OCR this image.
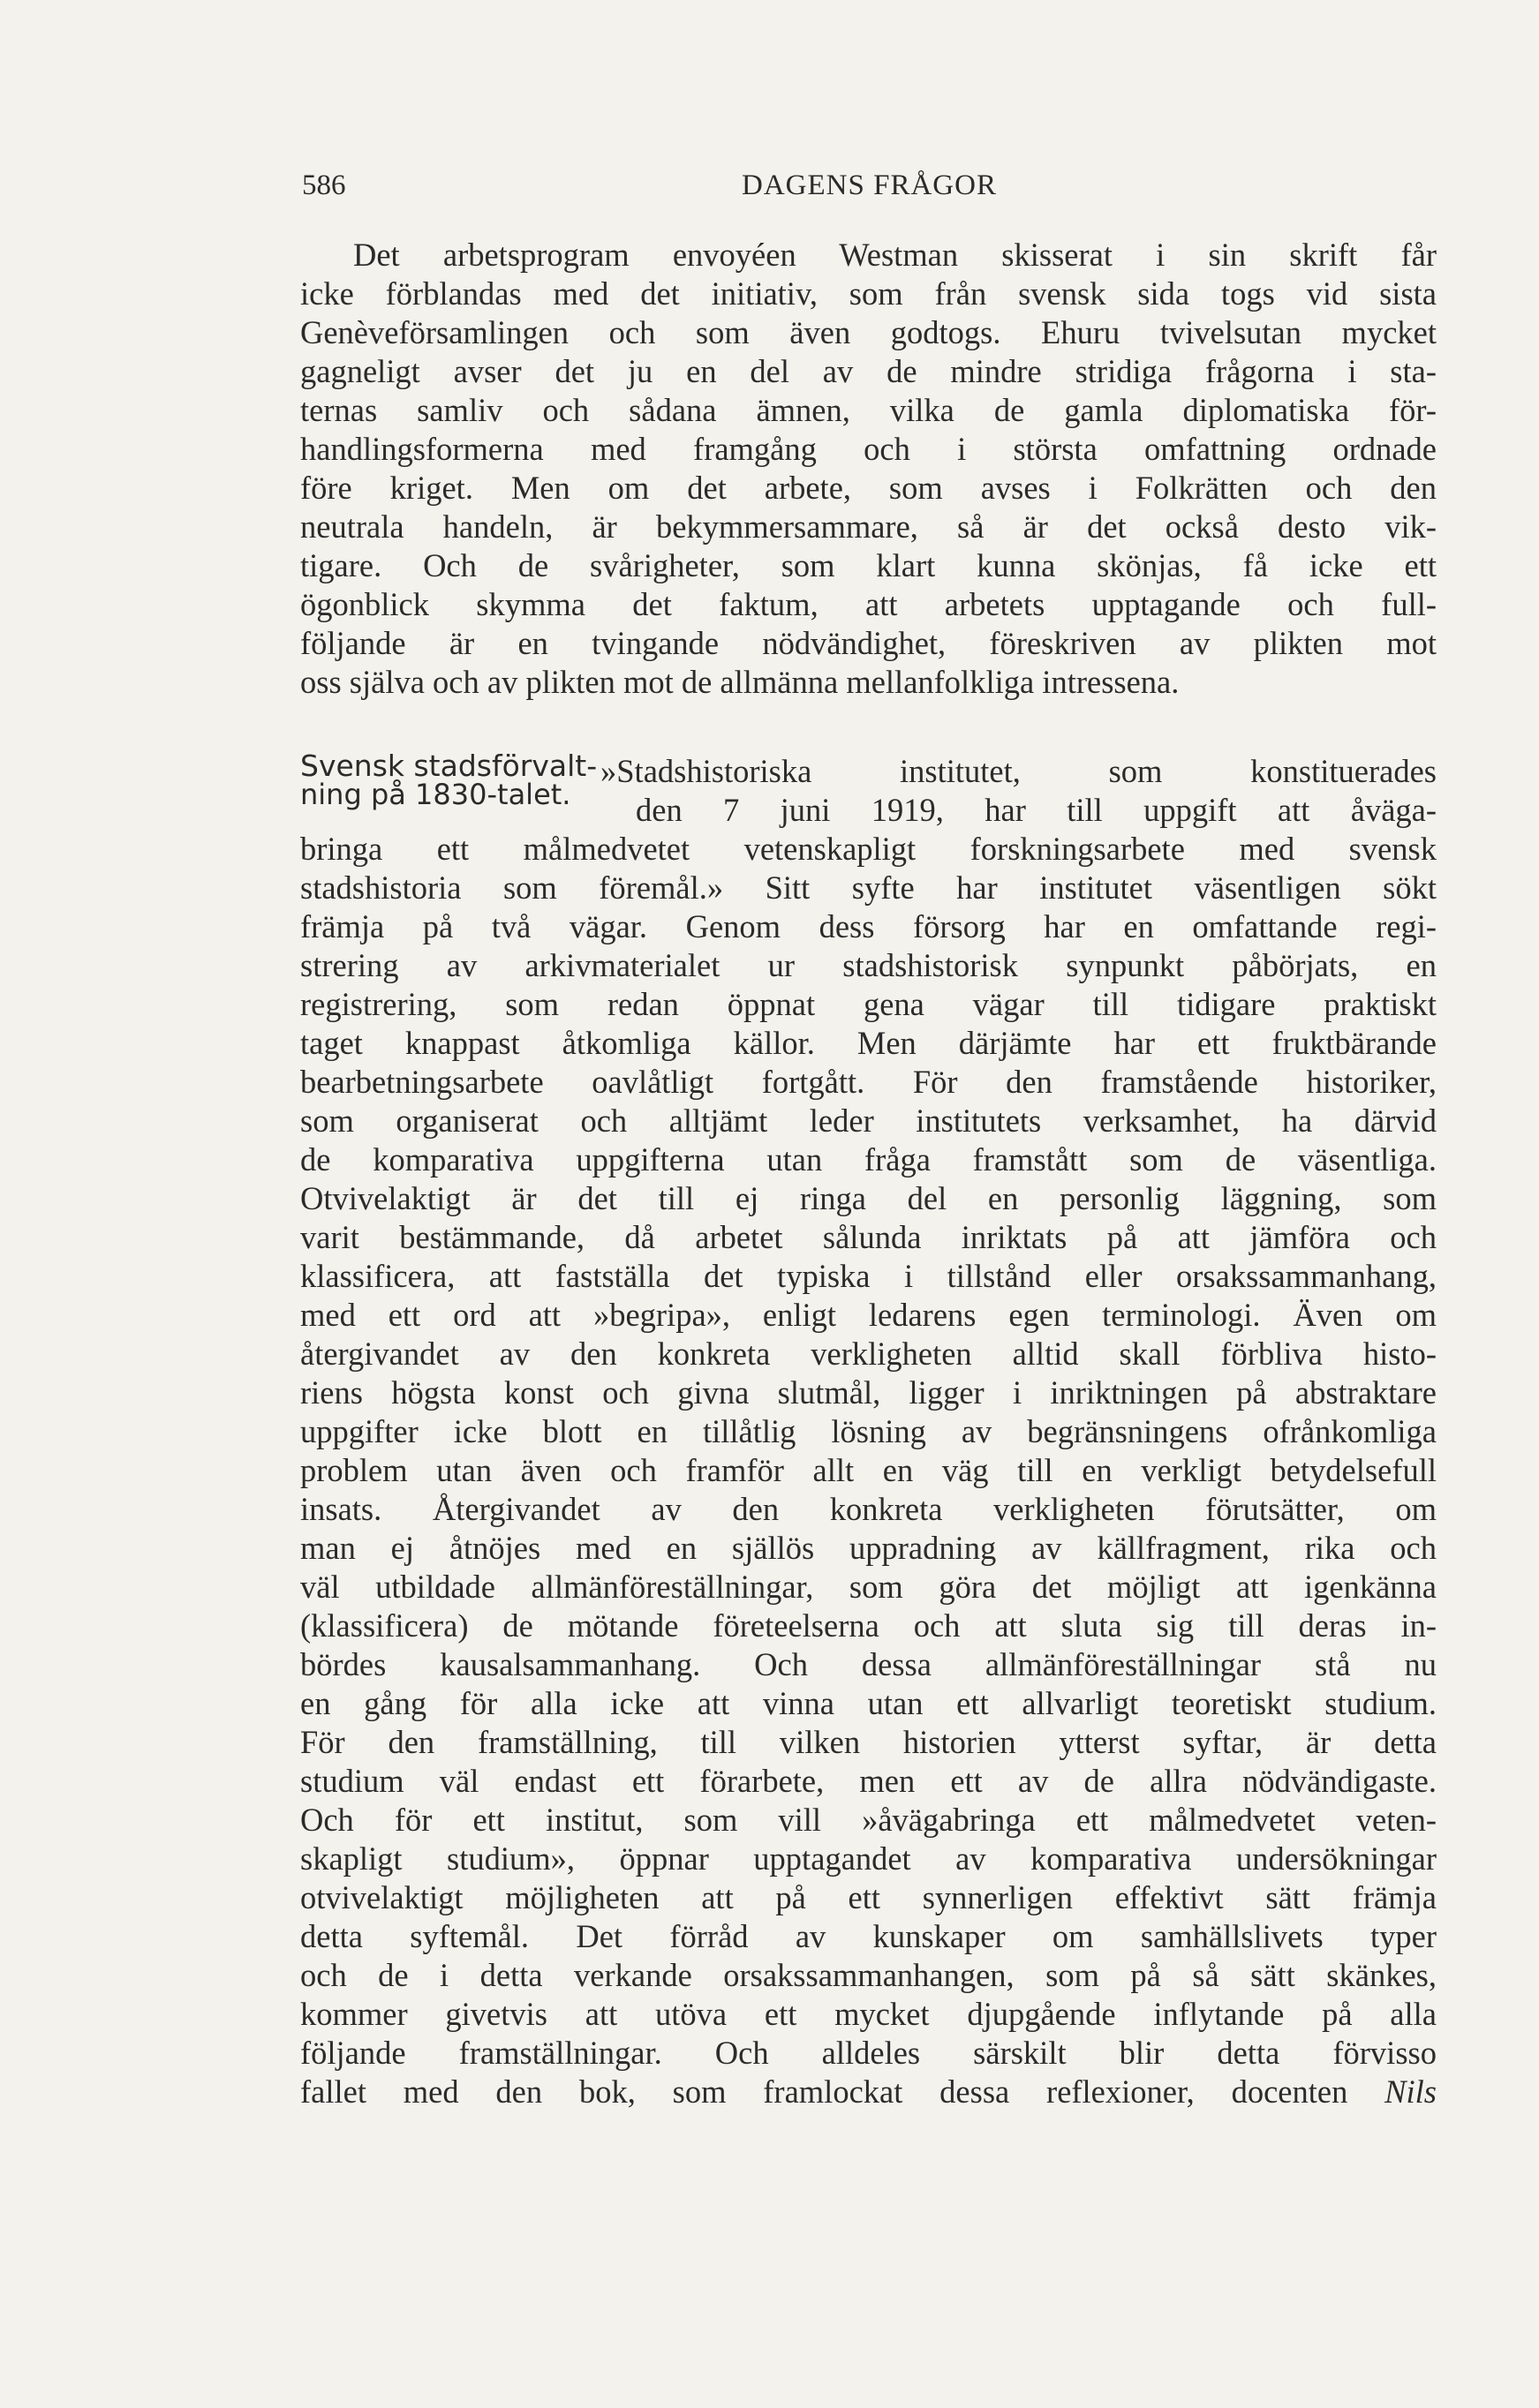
586	DAGENS FRÅGOR
Det arbetsprogram envoyéen Westman skisserat i sin skrift får
icke förblandas med det initiativ, som från svensk sida togs vid sista
Genèveförsamlingen och som även godtogs. Ehuru tvivelsutan mycket
gagneligt avser det ju en del av de mindre stridiga frågorna i sta-
ternas samliv och sådana ämnen, vilka de gamla diplomatiska för-
handlingsformerna med framgång och i största omfattning ordnade
före kriget. Men om det arbete, som avses i Folkrätten och den
neutrala handeln, är bekymmersammare, så är det också desto vik-
tigare. Och de svårigheter, som klart kunna skönjas, få icke ett
ögonblick skymma det faktum, att arbetets upptagande och full-
följande är en tvingande nödvändighet, föreskriven av plikten mot
oss själva och av plikten mot de allmänna mellanfolkliga intressena.
Svensk stadsförvalt-
ning på 1830-talet.
»Stadshistoriska institutet, som konstituerades
den 7 juni 1919, har till uppgift att åväga-
bringa ett målmedvetet vetenskapligt forskningsarbete med svensk
stadshistoria som föremål.» Sitt syfte har institutet väsentligen sökt
främja på två vägar. Genom dess försorg har en omfattande regi-
strering av arkivmaterialet ur stadshistorisk synpunkt påbörjats, en
registrering, som redan öppnat gena vägar till tidigare praktiskt
taget knappast åtkomliga källor. Men därjämte har ett fruktbärande
bearbetningsarbete oavlåtligt fortgått. För den framstående historiker,
som organiserat och alltjämt leder institutets verksamhet, ha därvid
de komparativa uppgifterna utan fråga framstått som de väsentliga.
Otvivelaktigt är det till ej ringa del en personlig läggning, som
varit bestämmande, då arbetet sålunda inriktats på att jämföra och
klassificera, att fastställa det typiska i tillstånd eller orsakssammanhang,
med ett ord att »begripa», enligt ledarens egen terminologi. Även om
återgivandet av den konkreta verkligheten alltid skall förbliva histo-
riens högsta konst och givna slutmål, ligger i inriktningen på abstraktare
uppgifter icke blott en tillåtlig lösning av begränsningens ofrånkomliga
problem utan även och framför allt en väg till en verkligt betydelsefull
insats. Återgivandet av den konkreta verkligheten förutsätter, om
man ej åtnöjes med en själlös uppradning av källfragment, rika och
väl utbildade allmänföreställningar, som göra det möjligt att igenkänna
(klassificera) de mötande företeelserna och att sluta sig till deras in-
bördes kausalsammanhang. Och dessa allmänföreställningar stå nu
en gång för alla icke att vinna utan ett allvarligt teoretiskt studium.
För den framställning, till vilken historien ytterst syftar, är detta
studium väl endast ett förarbete, men ett av de allra nödvändigaste.
Och för ett institut, som vill »åvägabringa ett målmedvetet veten-
skapligt studium», öppnar upptagandet av komparativa undersökningar
otvivelaktigt möjligheten att på ett synnerligen effektivt sätt främja
detta syftemål. Det förråd av kunskaper om samhällslivets typer
och de i detta verkande orsakssammanhangen, som på så sätt skänkes,
kommer givetvis att utöva ett mycket djupgående inflytande på alla
följande framställningar. Och alldeles särskilt blir detta förvisso
fallet med den bok, som framlockat dessa reflexioner, docenten Nils
